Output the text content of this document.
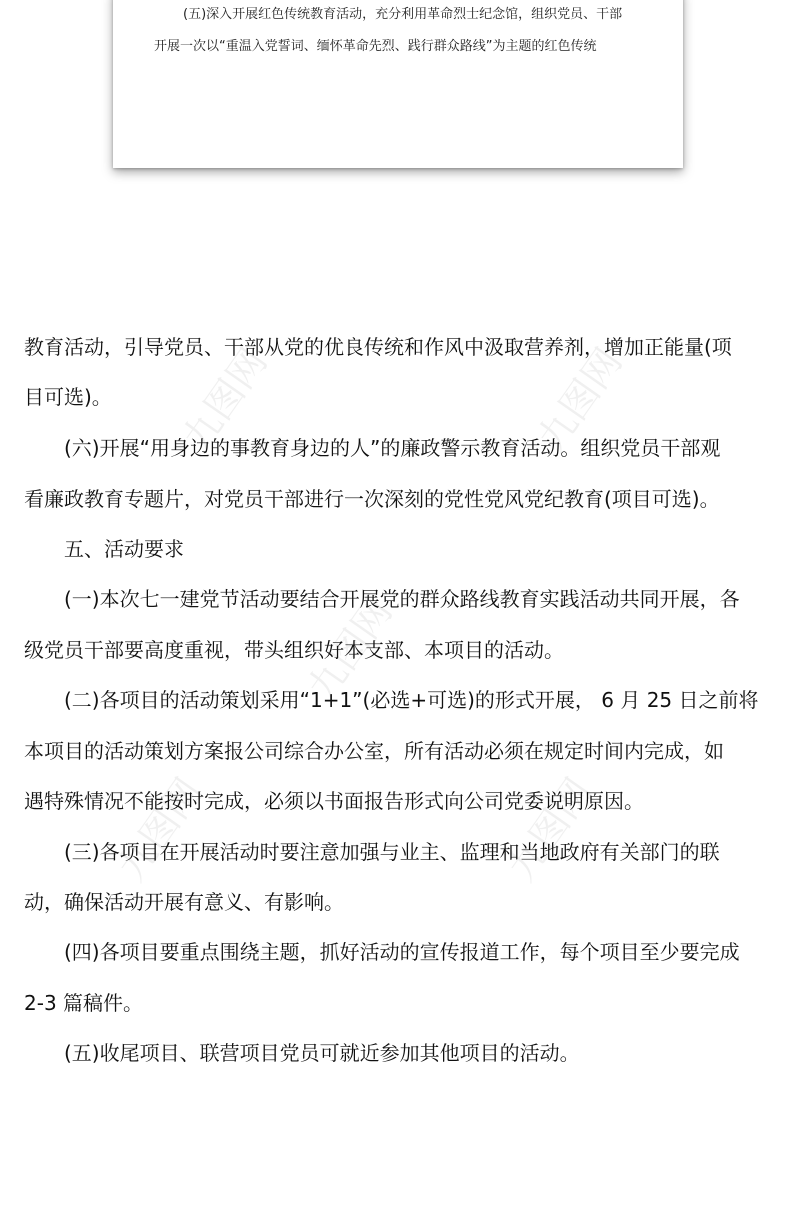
(五)深入开展红色传统教育活动，充分利用革命烈士纪念馆，组织党员、干部
开展一次以“重温入党誓词、缅怀革命先烈、践行群众路线”为主题的红色传统
九图网	九图网
九图网
九图网	九图网
教育活动，引导党员、干部从党的优良传统和作风中汲取营养剂，增加正能量(项
目可选)。
(六)开展“用身边的事教育身边的人”的廉政警示教育活动。组织党员干部观
看廉政教育专题片，对党员干部进行一次深刻的党性党风党纪教育(项目可选)。
五、活动要求
(一)本次七一建党节活动要结合开展党的群众路线教育实践活动共同开展，各
级党员干部要高度重视，带头组织好本支部、本项目的活动。
(二)各项目的活动策划采用“1+1”(必选+可选)的形式开展， 6 月 25 日之前将
本项目的活动策划方案报公司综合办公室，所有活动必须在规定时间内完成，如
遇特殊情况不能按时完成，必须以书面报告形式向公司党委说明原因。
(三)各项目在开展活动时要注意加强与业主、监理和当地政府有关部门的联
动，确保活动开展有意义、有影响。
(四)各项目要重点围绕主题，抓好活动的宣传报道工作，每个项目至少要完成
2-3 篇稿件。
(五)收尾项目、联营项目党员可就近参加其他项目的活动。
